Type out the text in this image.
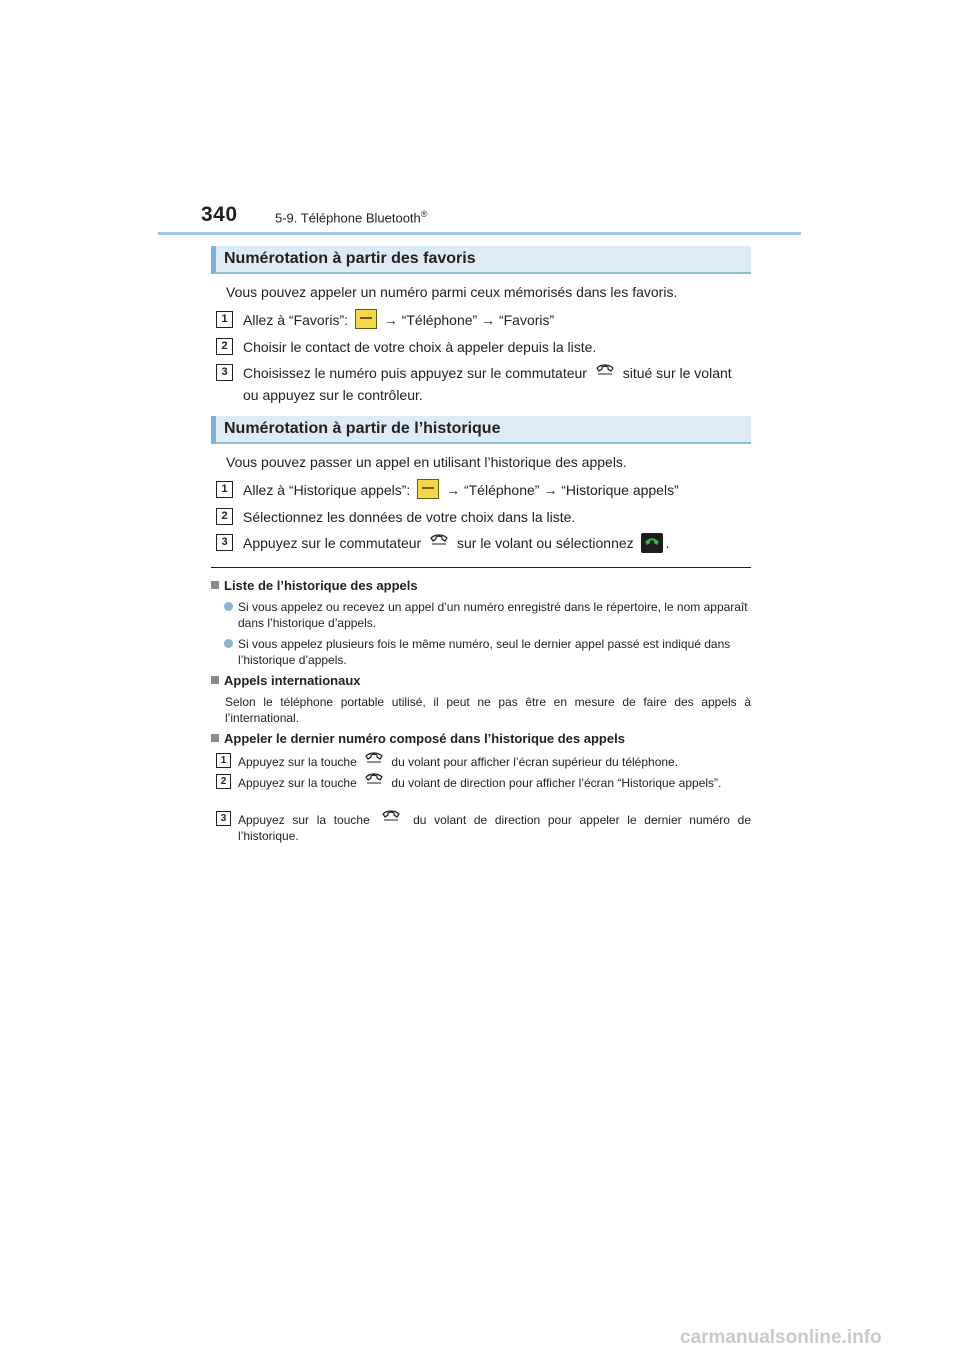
340	5-9. Téléphone Bluetooth®
Numérotation à partir des favoris
Vous pouvez appeler un numéro parmi ceux mémorisés dans les favoris.
1	Allez à “Favoris”:  → “Téléphone” → “Favoris”
2	Choisir le contact de votre choix à appeler depuis la liste.
3	Choisissez le numéro puis appuyez sur le commutateur  situé sur le volant ou appuyez sur le contrôleur.
Numérotation à partir de l’historique
Vous pouvez passer un appel en utilisant l’historique des appels.
1	Allez à “Historique appels”:  → “Téléphone” → “Historique appels”
2	Sélectionnez les données de votre choix dans la liste.
3	Appuyez sur le commutateur  sur le volant ou sélectionnez .
Liste de l’historique des appels
Si vous appelez ou recevez un appel d’un numéro enregistré dans le répertoire, le nom apparaît dans l’historique d’appels.
Si vous appelez plusieurs fois le même numéro, seul le dernier appel passé est indiqué dans l’historique d’appels.
Appels internationaux
Selon le téléphone portable utilisé, il peut ne pas être en mesure de faire des appels à l’international.
Appeler le dernier numéro composé dans l’historique des appels
1 Appuyez sur la touche  du volant pour afficher l’écran supérieur du téléphone.
2 Appuyez sur la touche  du volant de direction pour afficher l’écran “Historique appels”.
3 Appuyez sur la touche  du volant de direction pour appeler le dernier numéro de l’historique.
carmanualsonline.info
